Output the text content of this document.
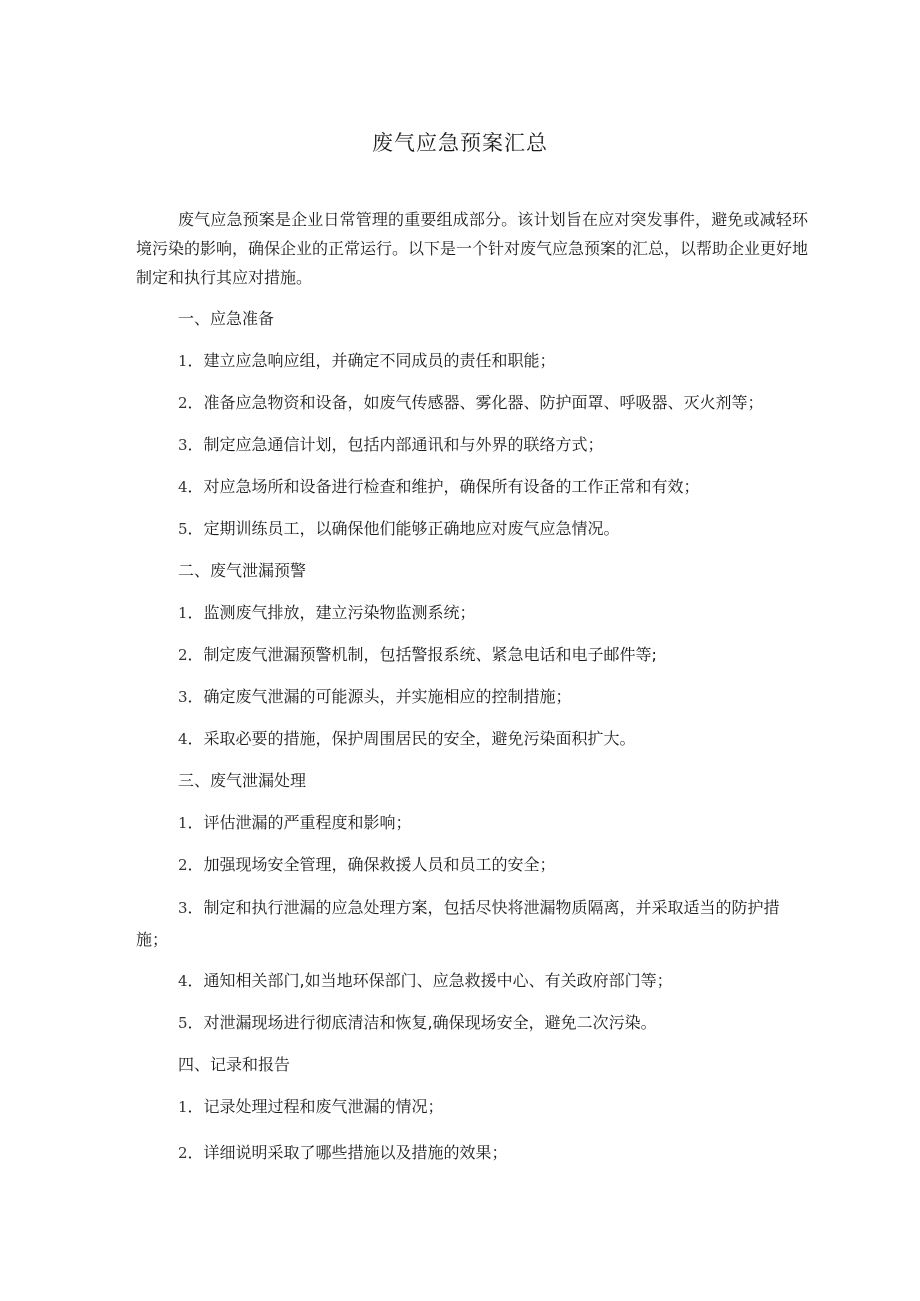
废气应急预案汇总
废气应急预案是企业日常管理的重要组成部分。该计划旨在应对突发事件，避免或减轻环境污染的影响，确保企业的正常运行。以下是一个针对废气应急预案的汇总，以帮助企业更好地制定和执行其应对措施。
一、应急准备
1．建立应急响应组，并确定不同成员的责任和职能；
2．准备应急物资和设备，如废气传感器、雾化器、防护面罩、呼吸器、灭火剂等；
3．制定应急通信计划，包括内部通讯和与外界的联络方式；
4．对应急场所和设备进行检查和维护，确保所有设备的工作正常和有效；
5．定期训练员工，以确保他们能够正确地应对废气应急情况。
二、废气泄漏预警
1．监测废气排放，建立污染物监测系统；
2．制定废气泄漏预警机制，包括警报系统、紧急电话和电子邮件等;
3．确定废气泄漏的可能源头，并实施相应的控制措施；
4．采取必要的措施，保护周围居民的安全，避免污染面积扩大。
三、废气泄漏处理
1．评估泄漏的严重程度和影响；
2．加强现场安全管理，确保救援人员和员工的安全；
3．制定和执行泄漏的应急处理方案，包括尽快将泄漏物质隔离，并采取适当的防护措施；
4．通知相关部门,如当地环保部门、应急救援中心、有关政府部门等；
5．对泄漏现场进行彻底清洁和恢复,确保现场安全，避免二次污染。
四、记录和报告
1．记录处理过程和废气泄漏的情况；
2．详细说明采取了哪些措施以及措施的效果；
